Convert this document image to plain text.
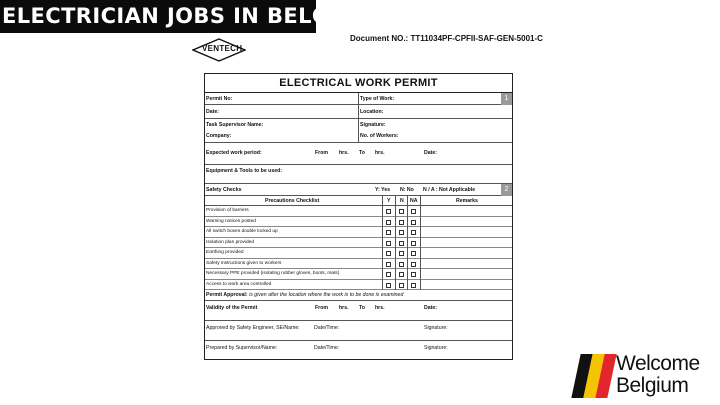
ELECTRICIAN JOBS IN BELGIUM
VENTECH
Document NO.: TT11034PF-CPFII-SAF-GEN-5001-C
ELECTRICAL WORK PERMIT
Permit No:	Type of Work:	1
Date:	Location:
Task Supervisor Name:	Signature:
Company:	No. of Workers:
Expected work period:	From hrs. To hrs.	Date:
Equipment & Tools to be used:
Safety Checks	Y: Yes N: No N / A : Not Applicable	2
Precautions Checklist	Y N NA	Remarks
Provision of barriers
Warning notices posted
All switch boxes double locked up
Isolation plan provided
Earthing provided
Safety instructions given to workers
Necessary PPE provided (isolating rubber gloves, boots, mats)
Access to work area controlled
Permit Approval: is given after the location where the work is to be done is examined
Validity of the Permit	From hrs. To hrs.	Date:
Approved by Safety Engineer, SE/Name:	Date/Time:	Signature:
Prepared by Supervisor/Name:	Date/Time:	Signature:
Welcome
Belgium
